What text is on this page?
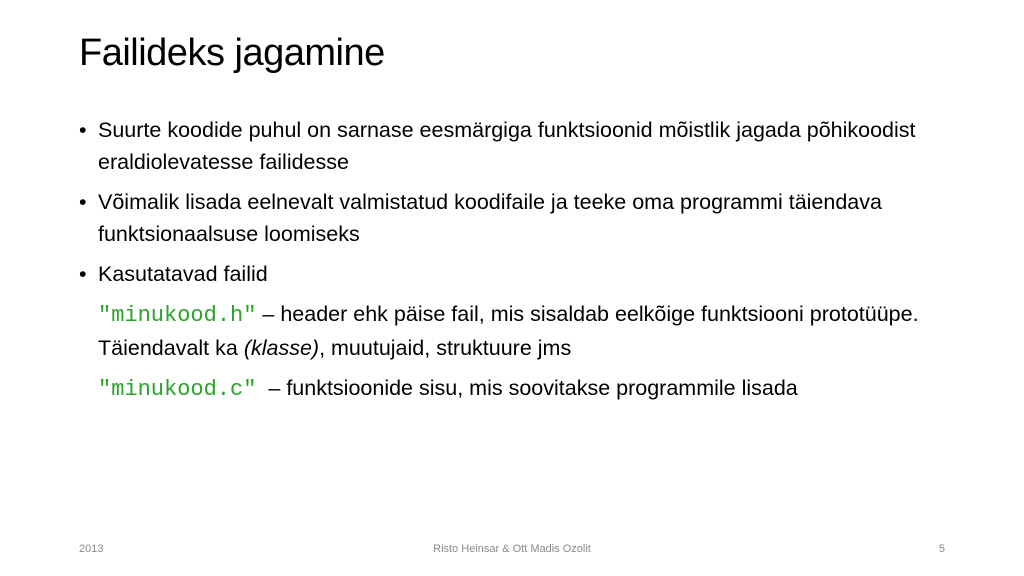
Failideks jagamine
• Suurte koodide puhul on sarnase eesmärgiga funktsioonid mõistlik jagada põhikoodist eraldiolevatesse failidesse
• Võimalik lisada eelnevalt valmistatud koodifaile ja teeke oma programmi täiendava funktsionaalsuse loomiseks
• Kasutatavad failid
"minukood.h" – header ehk päise fail, mis sisaldab eelkõige funktsiooni prototüüpe. Täiendavalt ka (klasse), muutujaid, struktuure jms
"minukood.c"  – funktsioonide sisu, mis soovitakse programmile lisada
2013	Risto Heinsar & Ott Madis Ozolit	5
